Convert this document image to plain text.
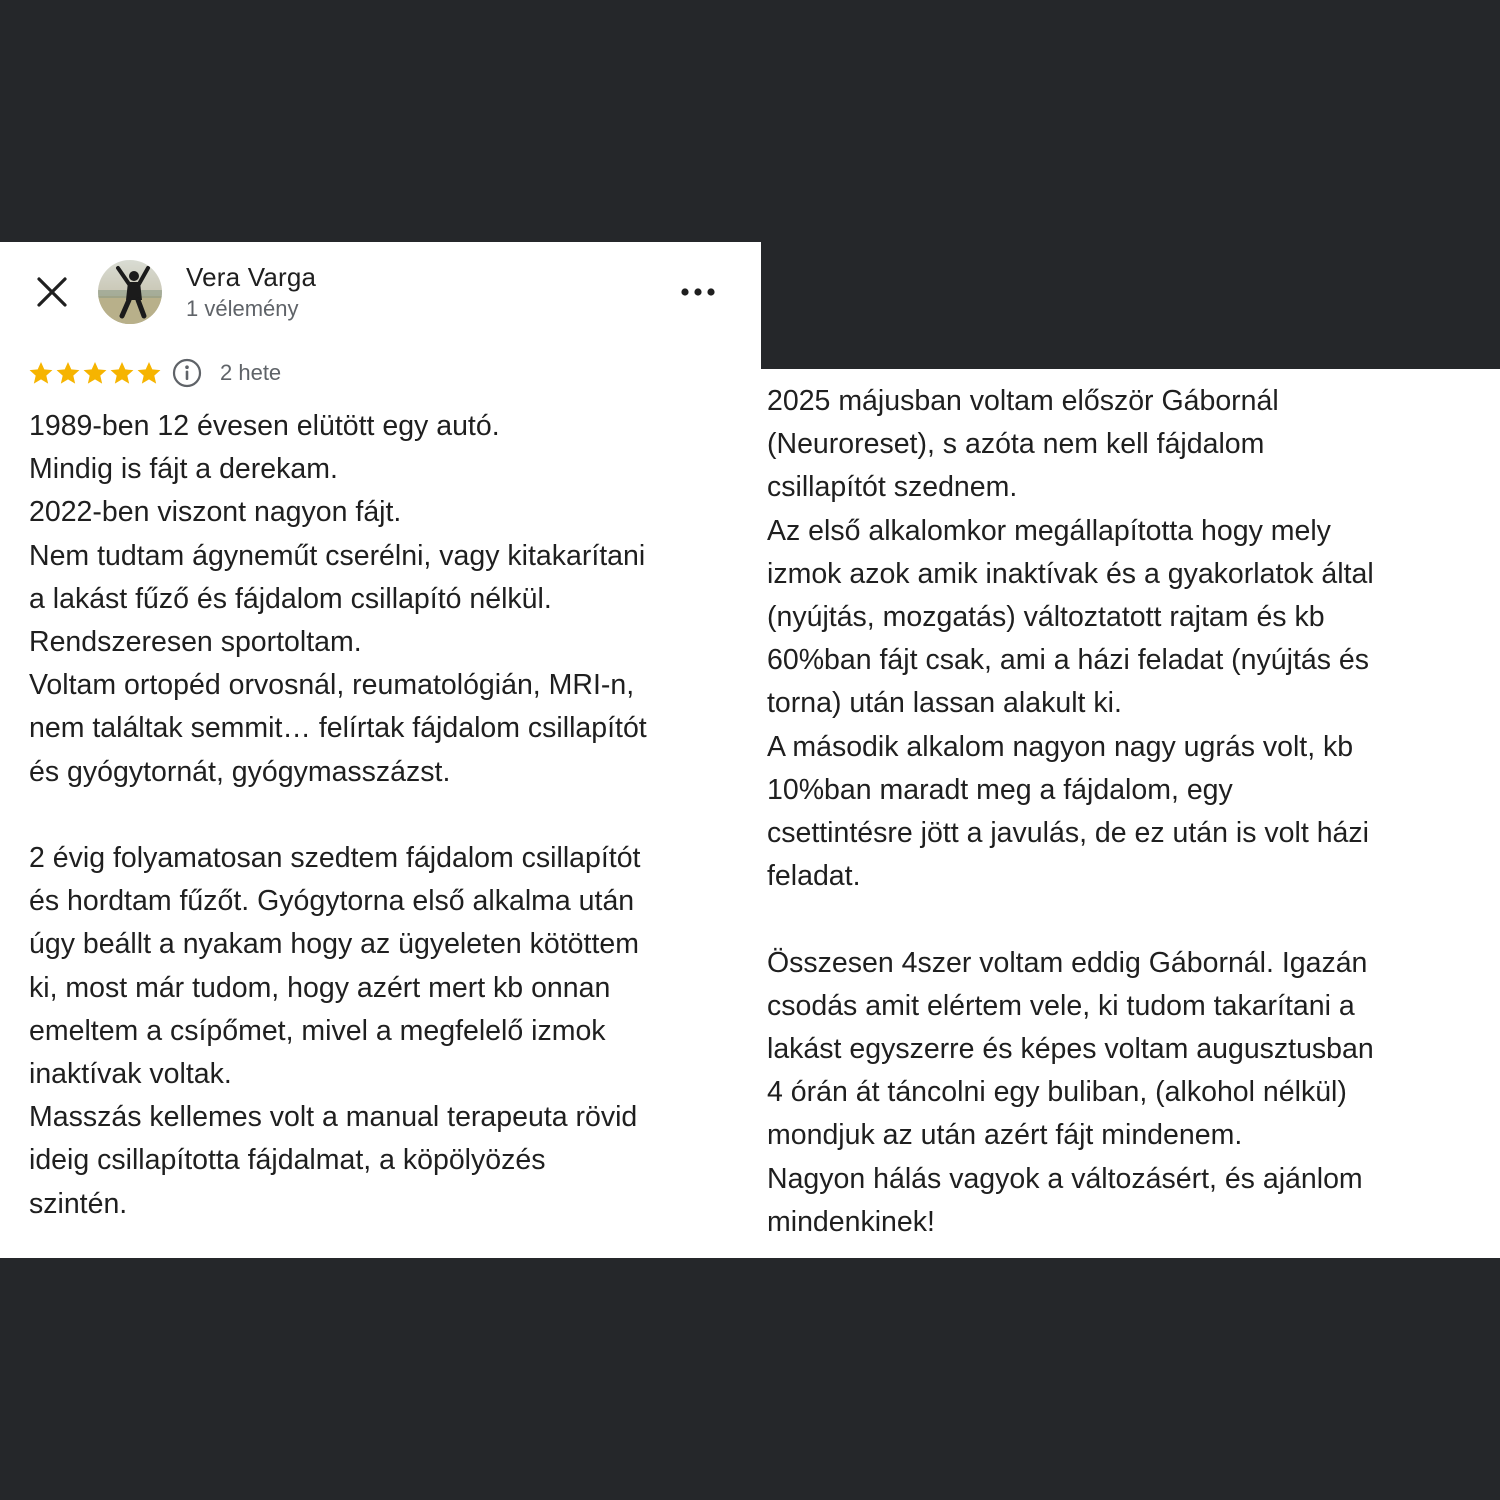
Vera Varga
1 vélemény
2 hete

1989-ben 12 évesen elütött egy autó.
Mindig is fájt a derekam.
2022-ben viszont nagyon fájt.
Nem tudtam ágyneműt cserélni, vagy kitakarítani
a lakást fűző és fájdalom csillapító nélkül.
Rendszeresen sportoltam.
Voltam ortopéd orvosnál, reumatológián, MRI-n,
nem találtak semmit… felírtak fájdalom csillapítót
és gyógytornát, gyógymasszázst.

2 évig folyamatosan szedtem fájdalom csillapítót
és hordtam fűzőt. Gyógytorna első alkalma után
úgy beállt a nyakam hogy az ügyeleten kötöttem
ki, most már tudom, hogy azért mert kb onnan
emeltem a csípőmet, mivel a megfelelő izmok
inaktívak voltak.
Masszás kellemes volt a manual terapeuta rövid
ideig csillapította fájdalmat, a köpölyözés
szintén.

2025 májusban voltam először Gábornál
(Neuroreset), s azóta nem kell fájdalom
csillapítót szednem.
Az első alkalomkor megállapította hogy mely
izmok azok amik inaktívak és a gyakorlatok által
(nyújtás, mozgatás) változtatott rajtam és kb
60%ban fájt csak, ami a házi feladat (nyújtás és
torna) után lassan alakult ki.
A második alkalom nagyon nagy ugrás volt, kb
10%ban maradt meg a fájdalom, egy
csettintésre jött a javulás, de ez után is volt házi
feladat.

Összesen 4szer voltam eddig Gábornál. Igazán
csodás amit elértem vele, ki tudom takarítani a
lakást egyszerre és képes voltam augusztusban
4 órán át táncolni egy buliban, (alkohol nélkül)
mondjuk az után azért fájt mindenem.
Nagyon hálás vagyok a változásért, és ajánlom
mindenkinek!
